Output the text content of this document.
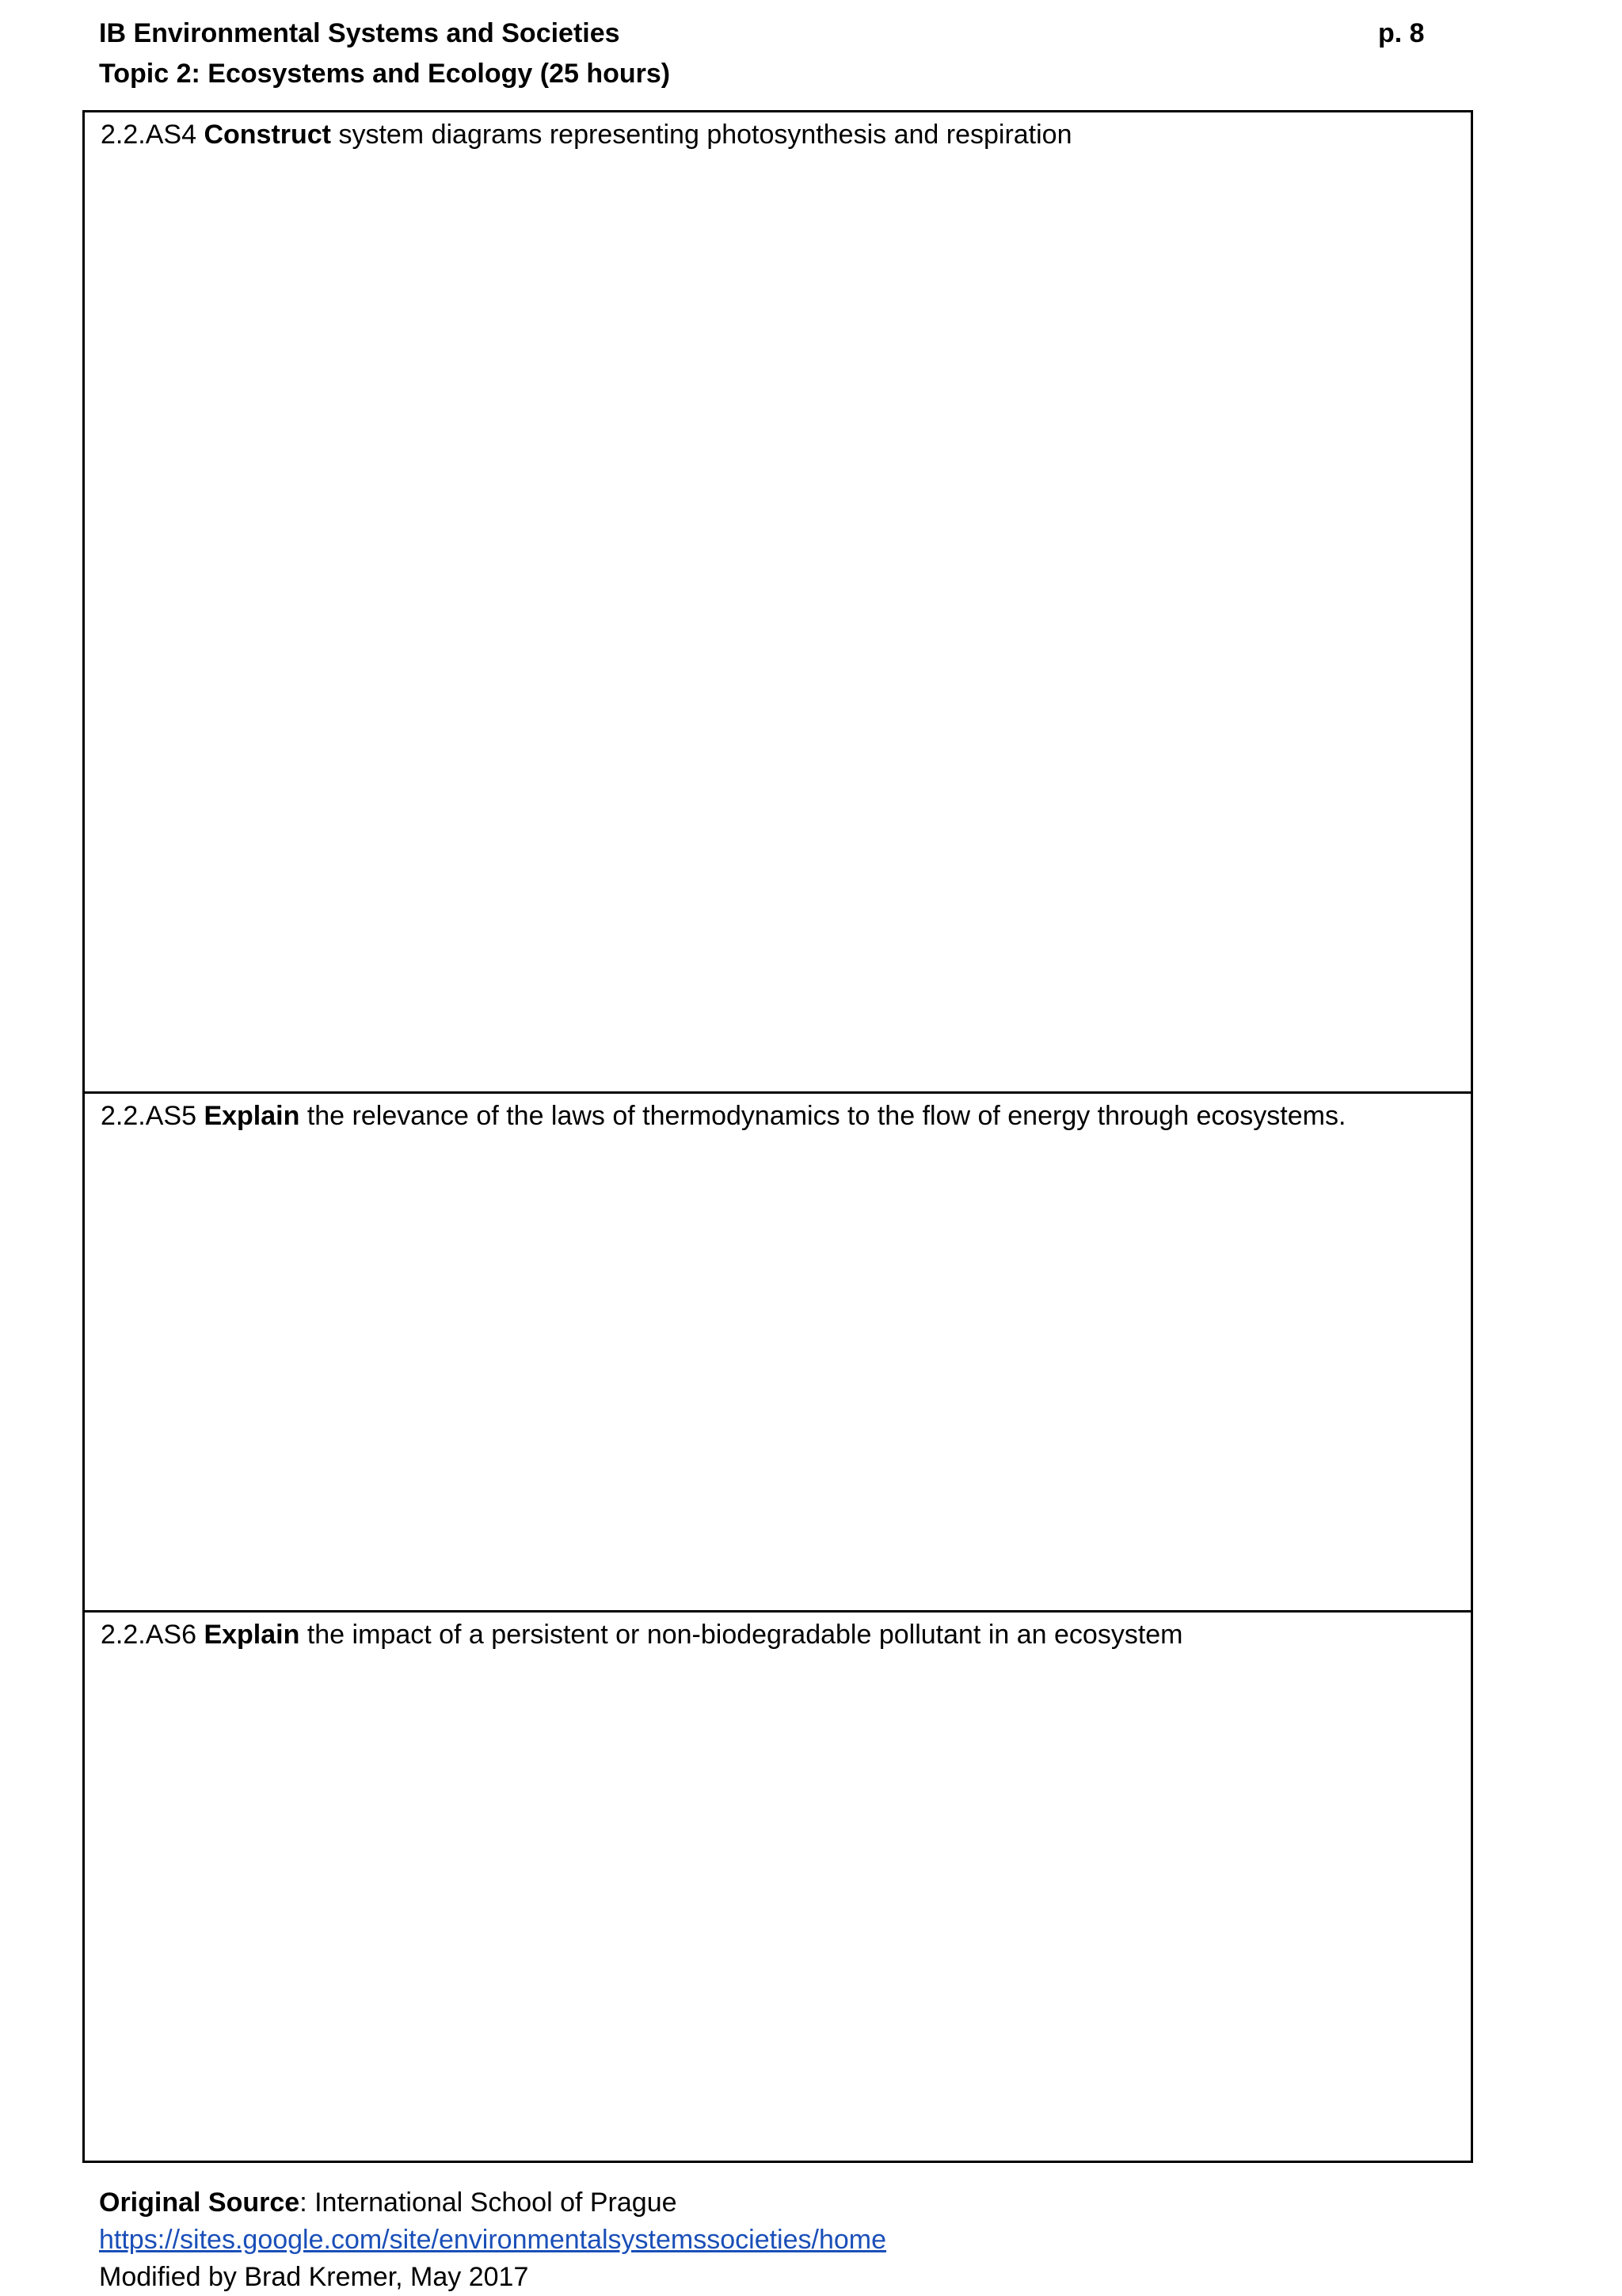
IB Environmental Systems and Societies
Topic 2: Ecosystems and Ecology (25 hours)
p. 8
2.2.AS4 Construct system diagrams representing photosynthesis and respiration
2.2.AS5 Explain the relevance of the laws of thermodynamics to the flow of energy through ecosystems.
2.2.AS6 Explain the impact of a persistent or non-biodegradable pollutant in an ecosystem
Original Source: International School of Prague
https://sites.google.com/site/environmentalsystemssocieties/home
Modified by Brad Kremer, May 2017
